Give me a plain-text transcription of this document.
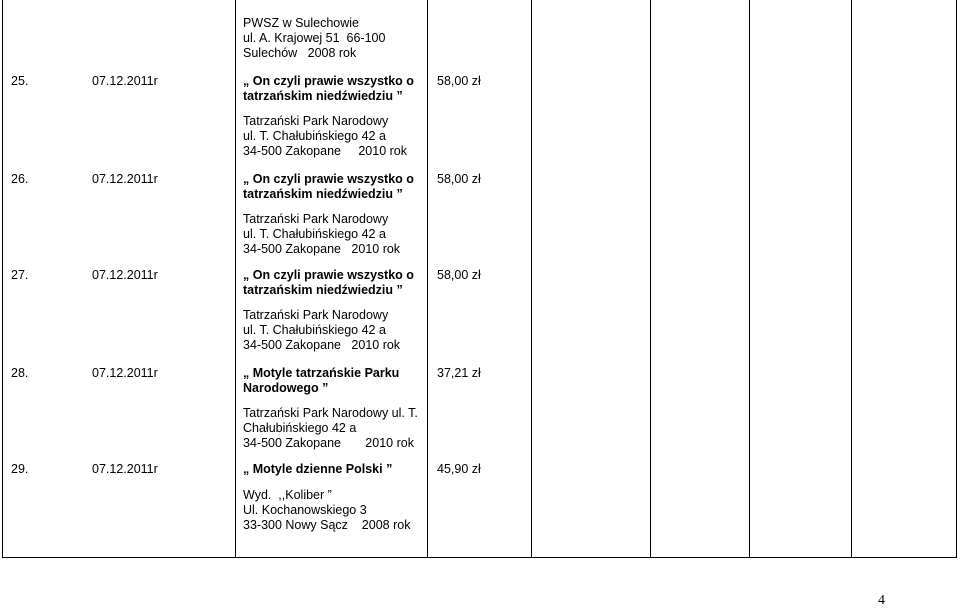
PWSZ w Sulechowie
ul. A. Krajowej 51  66-100
Sulechów   2008 rok
25.	07.12.2011r	„ On czyli prawie wszystko o
tatrzańskim niedźwiedziu ”
Tatrzański Park Narodowy
ul. T. Chałubińskiego 42 a
34-500 Zakopane     2010 rok
58,00 zł
26.	07.12.2011r	„ On czyli prawie wszystko o
tatrzańskim niedźwiedziu ”
Tatrzański Park Narodowy
ul. T. Chałubińskiego 42 a
34-500 Zakopane   2010 rok
58,00 zł
27.	07.12.2011r	„ On czyli prawie wszystko o
tatrzańskim niedźwiedziu ”
Tatrzański Park Narodowy
ul. T. Chałubińskiego 42 a
34-500 Zakopane   2010 rok
58,00 zł
28.	07.12.2011r	„ Motyle tatrzańskie Parku
Narodowego ”
Tatrzański Park Narodowy ul. T.
Chałubińskiego 42 a
34-500 Zakopane       2010 rok
37,21 zł
29.	07.12.2011r	„ Motyle dzienne Polski ”
Wyd.  ,,Koliber ”
Ul. Kochanowskiego 3
33-300 Nowy Sącz    2008 rok
45,90 zł
4
